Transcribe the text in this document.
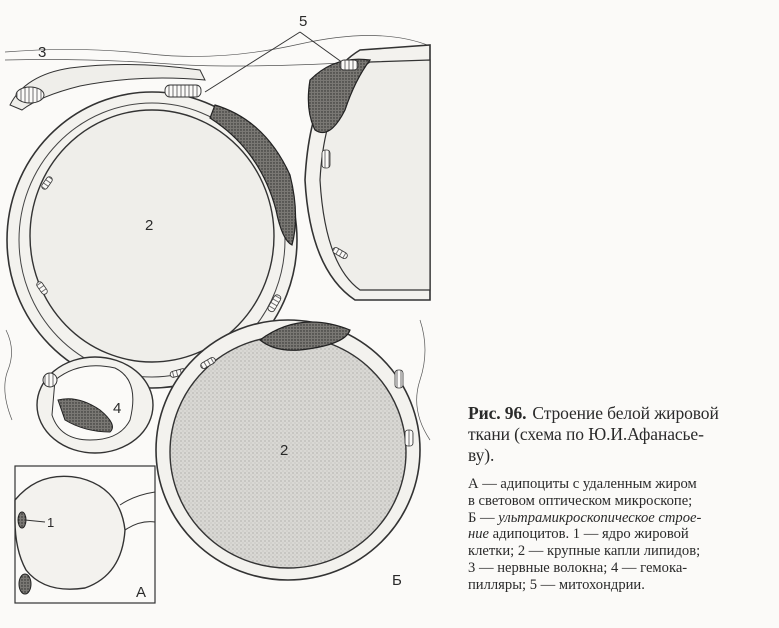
3
5
2
2
4
1
А
Б
Рис. 96. Строение белой жировой
ткани (схема по Ю.И.Афанасье-
ву).
А — адипоциты с удаленным жиром
в световом оптическом микроскопе;
Б — ультрамикроскопическое строе-
ние адипоцитов. 1 — ядро жировой
клетки; 2 — крупные капли липидов;
3 — нервные волокна; 4 — гемока-
пилляры; 5 — митохондрии.
